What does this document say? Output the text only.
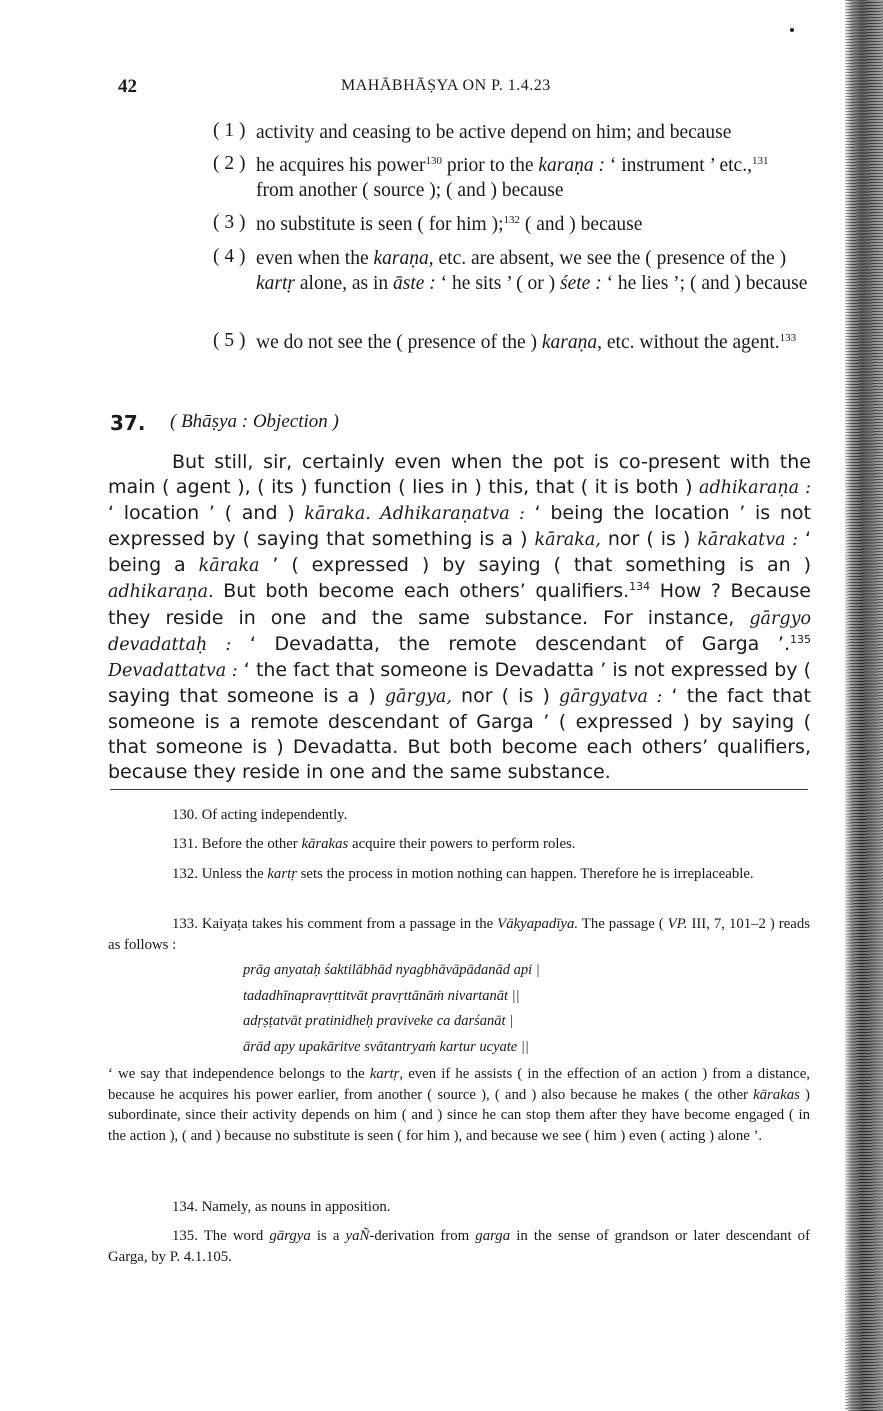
42	MAHĀBHĀṢYA ON P. 1.4.23
( 1 ) activity and ceasing to be active depend on him; and because
( 2 ) he acquires his power$^{130}$ prior to the karaṇa : ‘ instrument ’ etc.,$^{131}$ from another ( source ); ( and ) because
( 3 ) no substitute is seen ( for him );$^{132}$ ( and ) because
( 4 ) even when the karaṇa, etc. are absent, we see the ( presence of the ) kartṛ alone, as in āste : ‘ he sits ’ ( or ) śete : ‘ he lies ’; ( and ) because
( 5 ) we do not see the ( presence of the ) karaṇa, etc. without the agent.$^{133}$
37. ( Bhāṣya : Objection )
But still, sir, certainly even when the pot is co-present with the main ( agent ), ( its ) function ( lies in ) this, that ( it is both ) adhikaraṇa : ‘ location ’ ( and ) kāraka. Adhikaraṇatva : ‘ being the location ’ is not expressed by ( saying that something is a ) kāraka, nor ( is ) kārakatva : ‘ being a kāraka ’ ( expressed ) by saying ( that something is an ) adhikaraṇa. But both become each others’ qualifiers.$^{134}$ How ? Because they reside in one and the same substance. For instance, gārgyo devadattaḥ : ‘ Devadatta, the remote descendant of Garga ’.$^{135}$ Devadattatva : ‘ the fact that someone is Devadatta ’ is not expressed by ( saying that someone is a ) gārgya, nor ( is ) gārgyatva : ‘ the fact that someone is a remote descendant of Garga ’ ( expressed ) by saying ( that someone is ) Devadatta. But both become each others’ qualifiers, because they reside in one and the same substance.
130. Of acting independently.
131. Before the other kārakas acquire their powers to perform roles.
132. Unless the kartṛ sets the process in motion nothing can happen. Therefore he is irreplaceable.
133. Kaiyaṭa takes his comment from a passage in the Vākyapadīya. The passage ( VP. III, 7, 101–2 ) reads as follows :
prāg anyataḥ śaktilābhād nyagbhāvāpādanād api |
tadadhīnapravṛttitvāt pravṛttānāṁ nivartanāt ||
adṛṣṭatvāt pratinidheḥ praviveke ca darśanāt |
ārād apy upakāritve svātantryaṁ kartur ucyate ||
‘ we say that independence belongs to the kartṛ, even if he assists ( in the effection of an action ) from a distance, because he acquires his power earlier, from another ( source ), ( and ) also because he makes ( the other kārakas ) subordinate, since their activity depends on him ( and ) since he can stop them after they have become engaged ( in the action ), ( and ) because no substitute is seen ( for him ), and because we see ( him ) even ( acting ) alone ’.
134. Namely, as nouns in apposition.
135. The word gārgya is a yaÑ-derivation from garga in the sense of grandson or later descendant of Garga, by P. 4.1.105.
